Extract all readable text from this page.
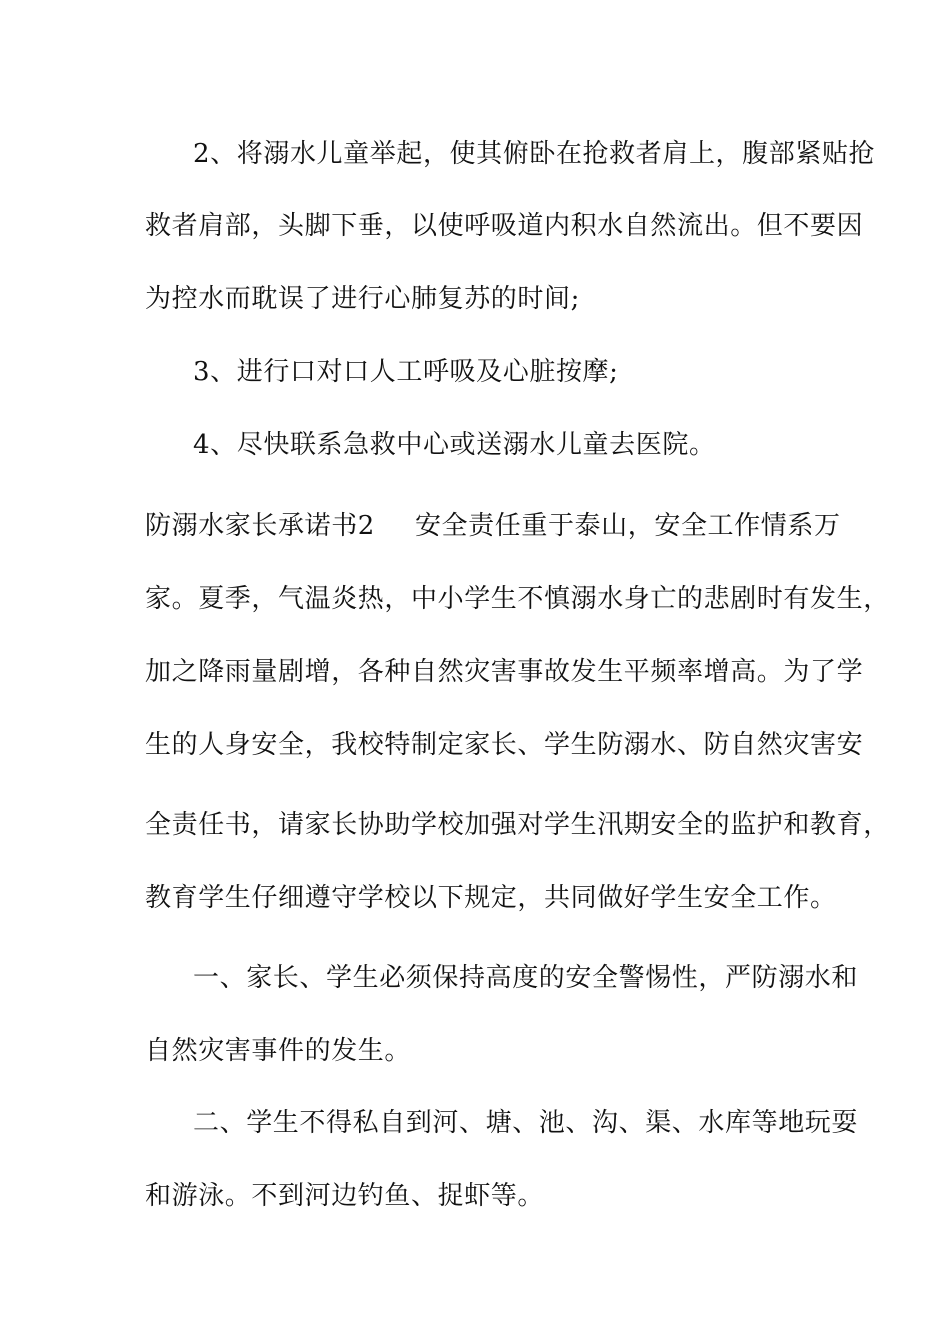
2、将溺水儿童举起，使其俯卧在抢救者肩上，腹部紧贴抢
救者肩部，头脚下垂，以使呼吸道内积水自然流出。但不要因
为控水而耽误了进行心肺复苏的时间;
3、进行口对口人工呼吸及心脏按摩;
4、尽快联系急救中心或送溺水儿童去医院。
防溺水家长承诺书2 安全责任重于泰山，安全工作情系万
家。夏季，气温炎热，中小学生不慎溺水身亡的悲剧时有发生，
加之降雨量剧增，各种自然灾害事故发生平频率增高。为了学
生的人身安全，我校特制定家长、学生防溺水、防自然灾害安
全责任书，请家长协助学校加强对学生汛期安全的监护和教育，
教育学生仔细遵守学校以下规定，共同做好学生安全工作。
一、家长、学生必须保持高度的安全警惕性，严防溺水和
自然灾害事件的发生。
二、学生不得私自到河、塘、池、沟、渠、水库等地玩耍
和游泳。不到河边钓鱼、捉虾等。
